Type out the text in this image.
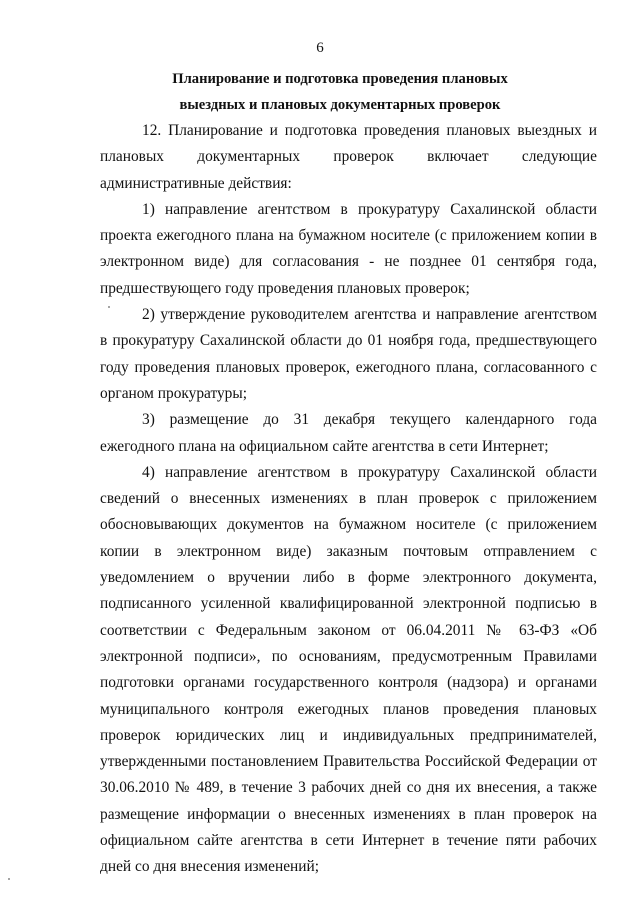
6
Планирование и подготовка проведения плановых
выездных и плановых документарных проверок

12. Планирование и подготовка проведения плановых выездных и плановых документарных проверок включает следующие административные действия:

1) направление агентством в прокуратуру Сахалинской области проекта ежегодного плана на бумажном носителе (с приложением копии в электронном виде) для согласования - не позднее 01 сентября года, предшествующего году проведения плановых проверок;

2) утверждение руководителем агентства и направление агентством в прокуратуру Сахалинской области до 01 ноября года, предшествующего году проведения плановых проверок, ежегодного плана, согласованного с органом прокуратуры;

3) размещение до 31 декабря текущего календарного года ежегодного плана на официальном сайте агентства в сети Интернет;

4) направление агентством в прокуратуру Сахалинской области сведений о внесенных изменениях в план проверок с приложением обосновывающих документов на бумажном носителе (с приложением копии в электронном виде) заказным почтовым отправлением с уведомлением о вручении либо в форме электронного документа, подписанного усиленной квалифицированной электронной подписью в соответствии с Федеральным законом от 06.04.2011 № 63-ФЗ «Об электронной подписи», по основаниям, предусмотренным Правилами подготовки органами государственного контроля (надзора) и органами муниципального контроля ежегодных планов проведения плановых проверок юридических лиц и индивидуальных предпринимателей, утвержденными постановлением Правительства Российской Федерации от 30.06.2010 № 489, в течение 3 рабочих дней со дня их внесения, а также размещение информации о внесенных изменениях в план проверок на официальном сайте агентства в сети Интернет в течение пяти рабочих дней со дня внесения изменений;
